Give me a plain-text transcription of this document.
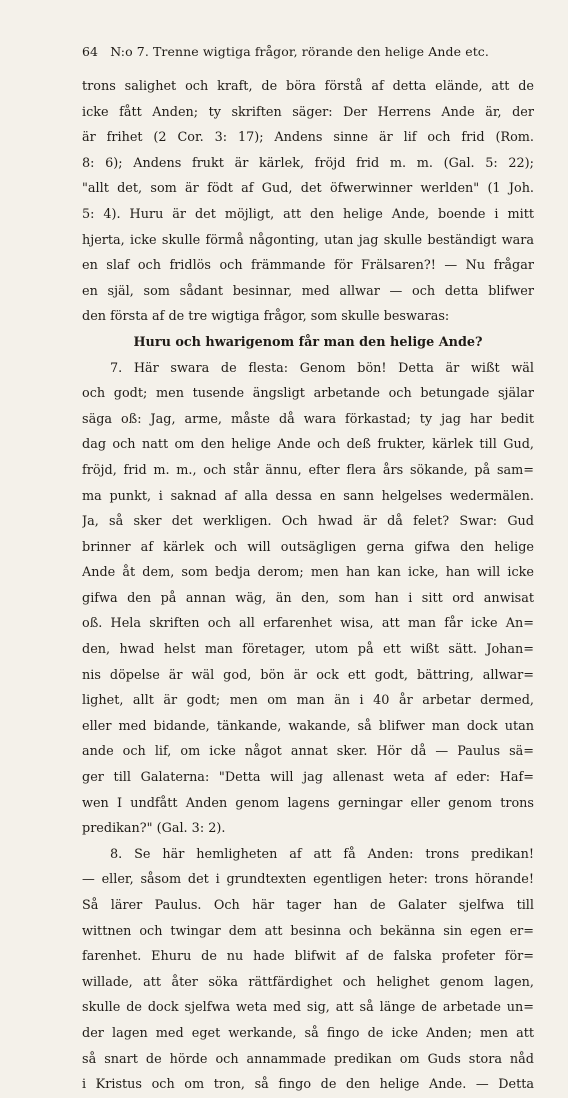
64 N:o 7. Trenne wigtiga frågor, rörande den helige Ande etc.

trons salighet och kraft, de böra förstå af detta elände, att de
icke fått Anden; ty skriften säger: Der Herrens Ande är, der
är frihet (2 Cor. 3: 17); Andens sinne är lif och frid (Rom.
8: 6); Andens frukt är kärlek, fröjd frid m. m. (Gal. 5: 22);
"allt det, som är födt af Gud, det öfwerwinner werlden" (1 Joh.
5: 4). Huru är det möjligt, att den helige Ande, boende i mitt
hjerta, icke skulle förmå någonting, utan jag skulle beständigt wara
en slaf och fridlös och främmande för Frälsaren?! — Nu frågar
en själ, som sådant besinnar, med allwar — och detta blifwer
den första af de tre wigtiga frågor, som skulle beswaras:

Huru och hwarigenom får man den helige Ande?

7. Här swara de flesta: Genom bön! Detta är wißt wäl
och godt; men tusende ängsligt arbetande och betungade själar
säga oß: Jag, arme, måste då wara förkastad; ty jag har bedit
dag och natt om den helige Ande och deß frukter, kärlek till Gud,
fröjd, frid m. m., och står ännu, efter flera års sökande, på sam=
ma punkt, i saknad af alla dessa en sann helgelses wedermälen.
Ja, så sker det werkligen. Och hwad är då felet? Swar: Gud
brinner af kärlek och will outsägligen gerna gifwa den helige
Ande åt dem, som bedja derom; men han kan icke, han will icke
gifwa den på annan wäg, än den, som han i sitt ord anwisat
oß. Hela skriften och all erfarenhet wisa, att man får icke An=
den, hwad helst man företager, utom på ett wißt sätt. Johan=
nis döpelse är wäl god, bön är ock ett godt, bättring, allwar=
lighet, allt är godt; men om man än i 40 år arbetar dermed,
eller med bidande, tänkande, wakande, så blifwer man dock utan
ande och lif, om icke något annat sker. Hör då — Paulus sä=
ger till Galaterna: "Detta will jag allenast weta af eder: Haf=
wen I undfått Anden genom lagens gerningar eller genom trons
predikan?" (Gal. 3: 2).

8. Se här hemligheten af att få Anden: trons predikan!
— eller, såsom det i grundtexten egentligen heter: trons hörande!
Så lärer Paulus. Och här tager han de Galater sjelfwa till
wittnen och twingar dem att besinna och bekänna sin egen er=
farenhet. Ehuru de nu hade blifwit af de falska profeter för=
willade, att åter söka rättfärdighet och helighet genom lagen,
skulle de dock sjelfwa weta med sig, att så länge de arbetade un=
der lagen med eget werkande, så fingo de icke Anden; men att
så snart de hörde och annammade predikan om Guds stora nåd
i Kristus och om tron, så fingo de den helige Ande. — Detta
